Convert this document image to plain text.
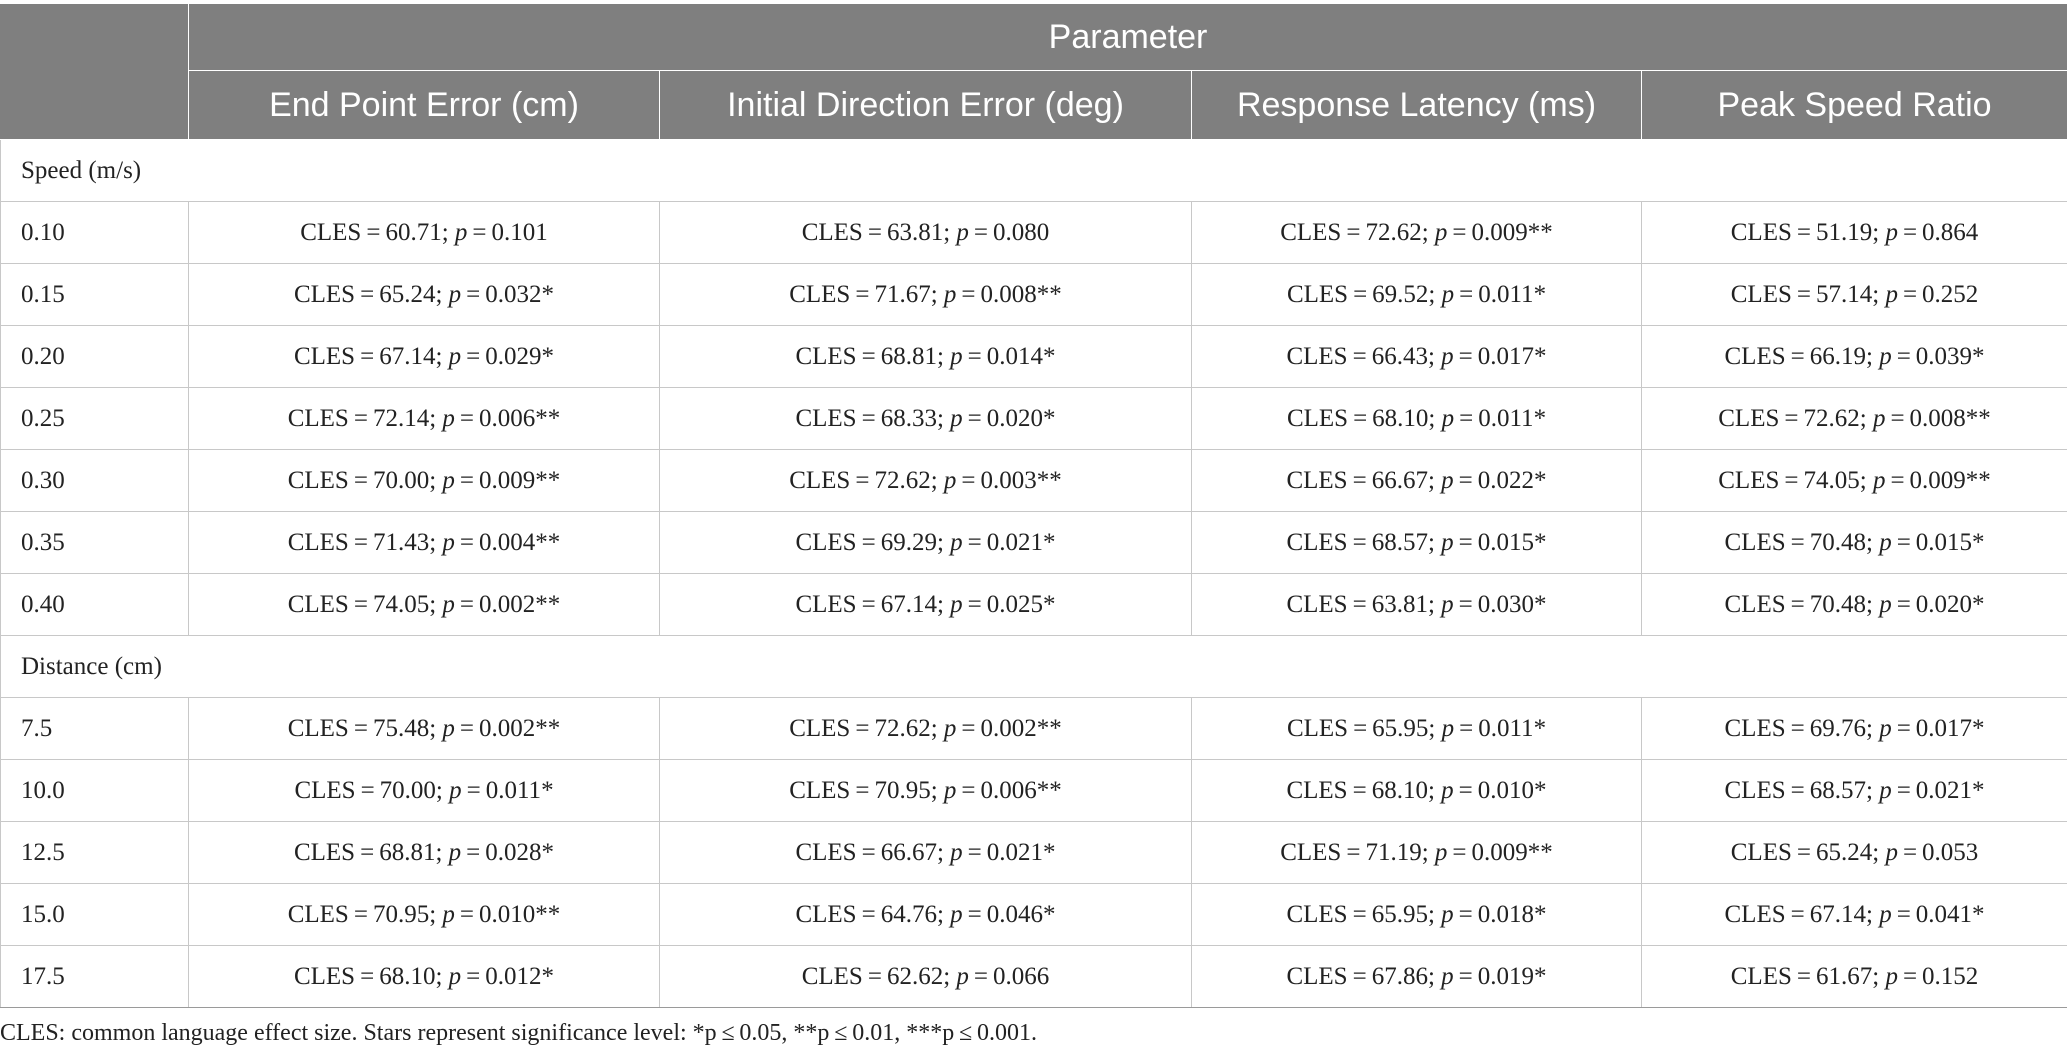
	Parameter			
	End Point Error (cm)	Initial Direction Error (deg)	Response Latency (ms)	Peak Speed Ratio
Speed (m/s)				
0.10	CLES = 60.71; p = 0.101	CLES = 63.81; p = 0.080	CLES = 72.62; p = 0.009**	CLES = 51.19; p = 0.864
0.15	CLES = 65.24; p = 0.032*	CLES = 71.67; p = 0.008**	CLES = 69.52; p = 0.011*	CLES = 57.14; p = 0.252
0.20	CLES = 67.14; p = 0.029*	CLES = 68.81; p = 0.014*	CLES = 66.43; p = 0.017*	CLES = 66.19; p = 0.039*
0.25	CLES = 72.14; p = 0.006**	CLES = 68.33; p = 0.020*	CLES = 68.10; p = 0.011*	CLES = 72.62; p = 0.008**
0.30	CLES = 70.00; p = 0.009**	CLES = 72.62; p = 0.003**	CLES = 66.67; p = 0.022*	CLES = 74.05; p = 0.009**
0.35	CLES = 71.43; p = 0.004**	CLES = 69.29; p = 0.021*	CLES = 68.57; p = 0.015*	CLES = 70.48; p = 0.015*
0.40	CLES = 74.05; p = 0.002**	CLES = 67.14; p = 0.025*	CLES = 63.81; p = 0.030*	CLES = 70.48; p = 0.020*
Distance (cm)				
7.5	CLES = 75.48; p = 0.002**	CLES = 72.62; p = 0.002**	CLES = 65.95; p = 0.011*	CLES = 69.76; p = 0.017*
10.0	CLES = 70.00; p = 0.011*	CLES = 70.95; p = 0.006**	CLES = 68.10; p = 0.010*	CLES = 68.57; p = 0.021*
12.5	CLES = 68.81; p = 0.028*	CLES = 66.67; p = 0.021*	CLES = 71.19; p = 0.009**	CLES = 65.24; p = 0.053
15.0	CLES = 70.95; p = 0.010**	CLES = 64.76; p = 0.046*	CLES = 65.95; p = 0.018*	CLES = 67.14; p = 0.041*
17.5	CLES = 68.10; p = 0.012*	CLES = 62.62; p = 0.066	CLES = 67.86; p = 0.019*	CLES = 61.67; p = 0.152
CLES: common language effect size. Stars represent significance level: *p ≤ 0.05, **p ≤ 0.01, ***p ≤ 0.001.
